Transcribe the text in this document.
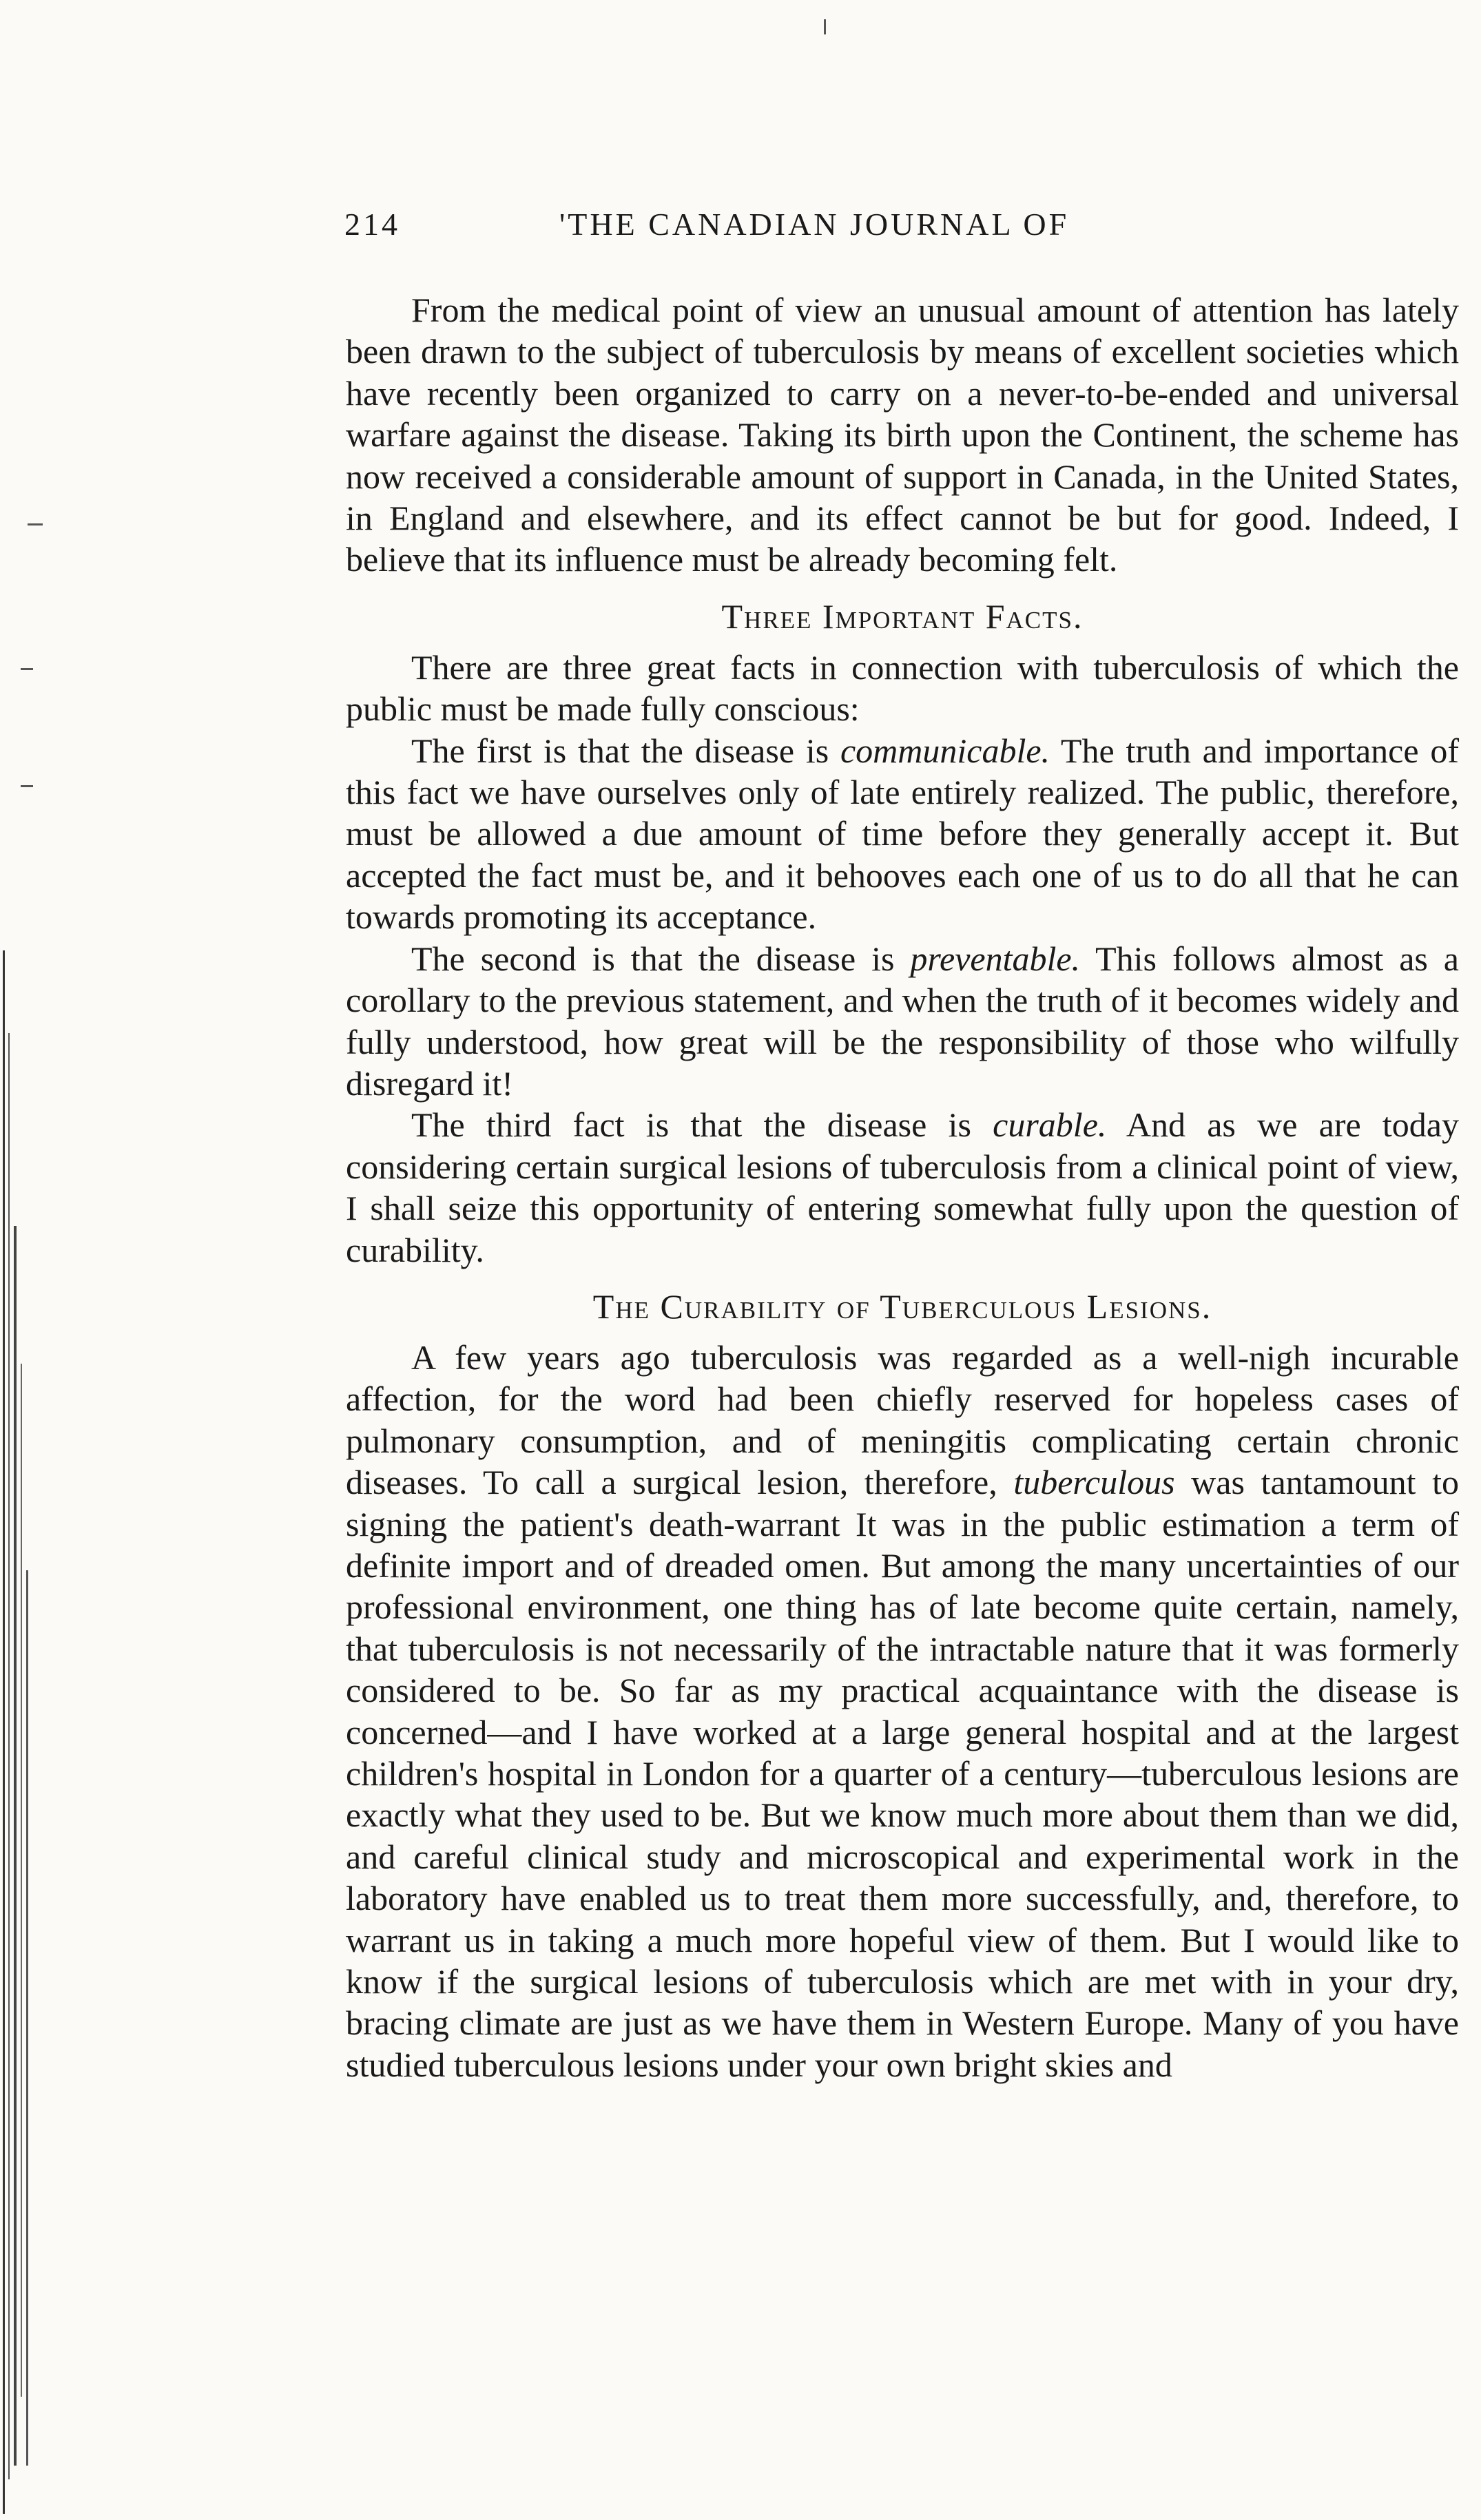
214	'THE CANADIAN JOURNAL OF

From the medical point of view an unusual amount of attention has lately been drawn to the subject of tuberculosis by means of excellent societies which have recently been organized to carry on a never-to-be-ended and universal warfare against the disease. Taking its birth upon the Continent, the scheme has now received a considerable amount of support in Canada, in the United States, in England and elsewhere, and its effect cannot be but for good. Indeed, I believe that its influence must be already becoming felt.

Three Important Facts.

There are three great facts in connection with tuberculosis of which the public must be made fully conscious:

The first is that the disease is communicable. The truth and importance of this fact we have ourselves only of late entirely realized. The public, therefore, must be allowed a due amount of time before they generally accept it. But accepted the fact must be, and it behooves each one of us to do all that he can towards promoting its acceptance.

The second is that the disease is preventable. This follows almost as a corollary to the previous statement, and when the truth of it becomes widely and fully understood, how great will be the responsibility of those who wilfully disregard it!

The third fact is that the disease is curable. And as we are today considering certain surgical lesions of tuberculosis from a clinical point of view, I shall seize this opportunity of entering somewhat fully upon the question of curability.

The Curability of Tuberculous Lesions.

A few years ago tuberculosis was regarded as a well-nigh incurable affection, for the word had been chiefly reserved for hopeless cases of pulmonary consumption, and of meningitis complicating certain chronic diseases. To call a surgical lesion, therefore, tuberculous was tantamount to signing the patient's death-warrant It was in the public estimation a term of definite import and of dreaded omen. But among the many uncertainties of our professional environment, one thing has of late become quite certain, namely, that tuberculosis is not necessarily of the intractable nature that it was formerly considered to be. So far as my practical acquaintance with the disease is concerned—and I have worked at a large general hospital and at the largest children's hospital in London for a quarter of a century—tuberculous lesions are exactly what they used to be. But we know much more about them than we did, and careful clinical study and microscopical and experimental work in the laboratory have enabled us to treat them more successfully, and, therefore, to warrant us in taking a much more hopeful view of them. But I would like to know if the surgical lesions of tuberculosis which are met with in your dry, bracing climate are just as we have them in Western Europe. Many of you have studied tuberculous lesions under your own bright skies and
